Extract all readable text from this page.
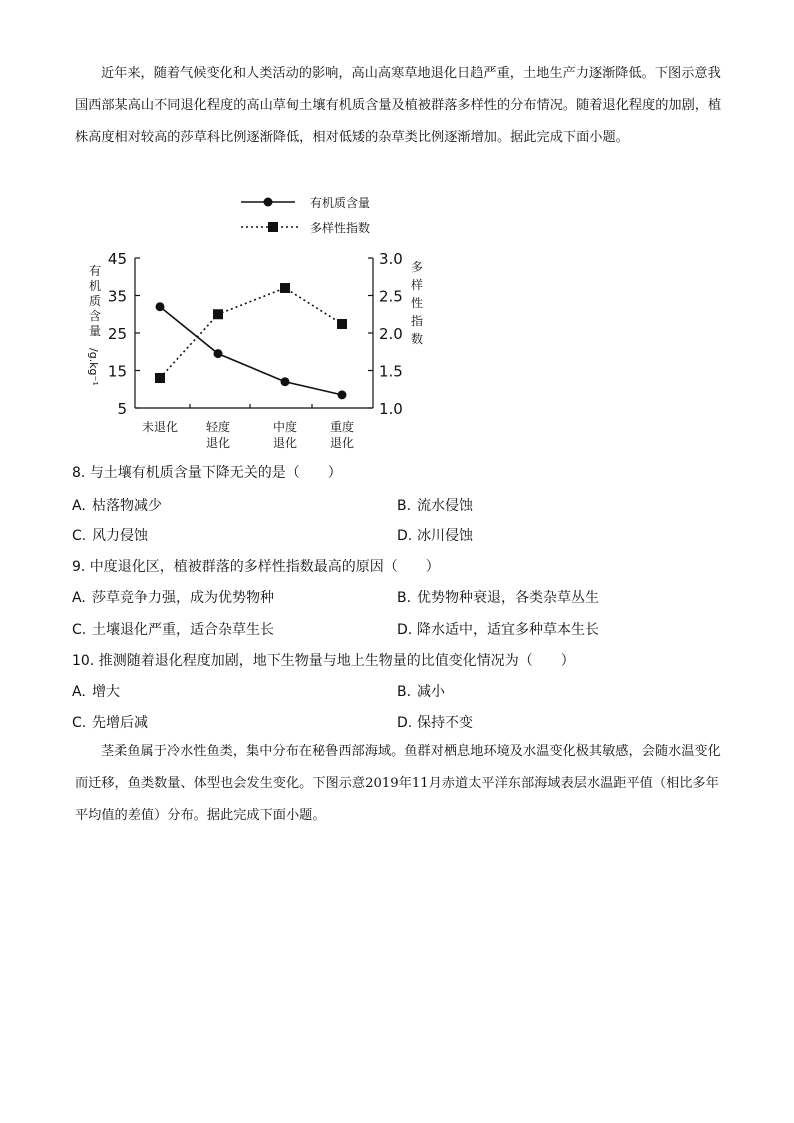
近年来，随着气候变化和人类活动的影响，高山高寒草地退化日趋严重，土地生产力逐渐降低。下图示意我国西部某高山不同退化程度的高山草甸土壤有机质含量及植被群落多样性的分布情况。随着退化程度的加剧，植株高度相对较高的莎草科比例逐渐降低，相对低矮的杂草类比例逐渐增加。据此完成下面小题。
有机质含量
多样性指数
45
35
25
15
5
3.0
2.5
2.0
1.5
1.0
未退化 轻度
退化
中度
退化
重度
退化
有
机
质
含
量
/g.kg⁻¹
多
样
性
指
数
8. 与土壤有机质含量下降无关的是（　　）
A. 枯落物减少	B. 流水侵蚀
C. 风力侵蚀	D. 冰川侵蚀
9. 中度退化区，植被群落的多样性指数最高的原因（　　）
A. 莎草竞争力强，成为优势物种	B. 优势物种衰退，各类杂草丛生
C. 土壤退化严重，适合杂草生长	D. 降水适中，适宜多种草本生长
10. 推测随着退化程度加剧，地下生物量与地上生物量的比值变化情况为（　　）
A. 增大	B. 减小
C. 先增后减	D. 保持不变
茎柔鱼属于冷水性鱼类，集中分布在秘鲁西部海域。鱼群对栖息地环境及水温变化极其敏感，会随水温变化而迁移，鱼类数量、体型也会发生变化。下图示意2019年11月赤道太平洋东部海域表层水温距平值（相比多年平均值的差值）分布。据此完成下面小题。
